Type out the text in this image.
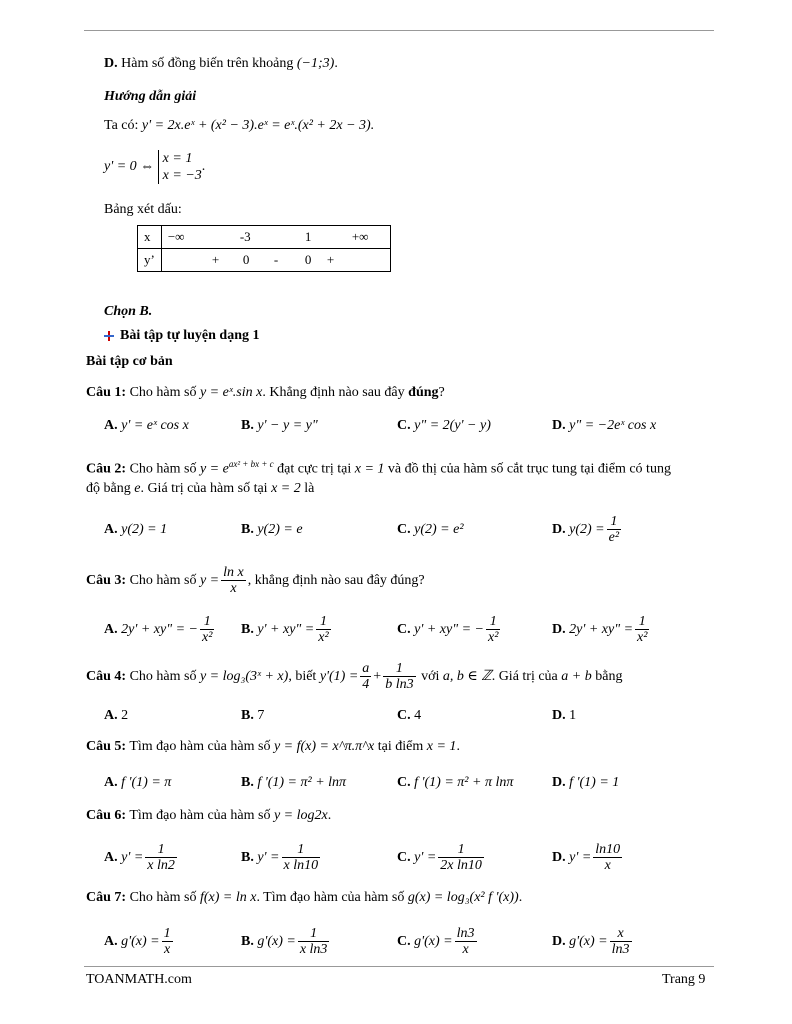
D. Hàm số đồng biến trên khoảng (−1;3).
Hướng dẫn giải
Ta có: y' = 2x.eˣ + (x² − 3).eˣ = eˣ.(x² + 2x − 3).
y' = 0 ⇔
x = 1
x = −3
.
Bảng xét dấu:
x	−∞ -3 1 +∞

y’	+ 0 - 0 +
Chọn B.
Bài tập tự luyện dạng 1
Bài tập cơ bản
Câu 1: Cho hàm số y = eˣ.sin x. Khẳng định nào sau đây đúng?
A. y' = eˣ cos x	B. y' − y = y"	C. y" = 2(y' − y)	D. y" = −2eˣ cos x
Câu 2: Cho hàm số $y = e^{ax^2 + bx + c}$ đạt cực trị tại x = 1 và đồ thị của hàm số cắt trục tung tại điểm có tung
độ bằng e. Giá trị của hàm số tại x = 2 là
A. y(2) = 1	B. y(2) = e	C. y(2) = e²	D. $y(2) = \frac{1}{\text{e²}}$
Câu 3: Cho hàm số $y = \frac{\text{ln x}}{x}$ , khẳng định nào sau đây đúng?
A. 2y' + xy" = − $\frac{1}{\text{x²}} B$. y' + xy" = $\frac{1}{\text{x²}}$	C. y' + xy" = − $\frac{1}{\text{x²}}$	D. 2y' + xy" = $\frac{1}{\text{x²}}$
Câu 4: Cho hàm số y = log₃(3ˣ + x), biết $y'(1) = \frac{a}{4} + \frac{1}{\text{b ln3}}$ với a, b ∈ ℤ. Giá trị của a + b bằng
A. 2	B. 7	C. 4	D. 1
Câu 5: Tìm đạo hàm của hàm số y = f(x) = x^π.π^x tại điểm x = 1.
A. f '(1) = π	B. f '(1) = π² + lnπ	C. f '(1) = π² + π lnπ	D. f '(1) = 1
Câu 6: Tìm đạo hàm của hàm số y = log2x.
A. $y' = \frac{1}{\text{x ln2}}$	B. $y' = \frac{1}{\text{x ln10}}$	C. $y' = \frac{1}{\text{2x ln10}}$	D. $y' = \frac{\ln 10}{x}$
Câu 7: Cho hàm số f(x) = ln x. Tìm đạo hàm của hàm số g(x) = log₃(x² f '(x)).
A. $g'(x) = \frac{1}{x}$	B. $g'(x) = \frac{1}{\text{x ln3}}$	C. $g'(x) = \frac{\ln 3}{x}$	D. $g'(x) = \frac{x}{\ln 3}$
TOANMATH.com	Trang 9
